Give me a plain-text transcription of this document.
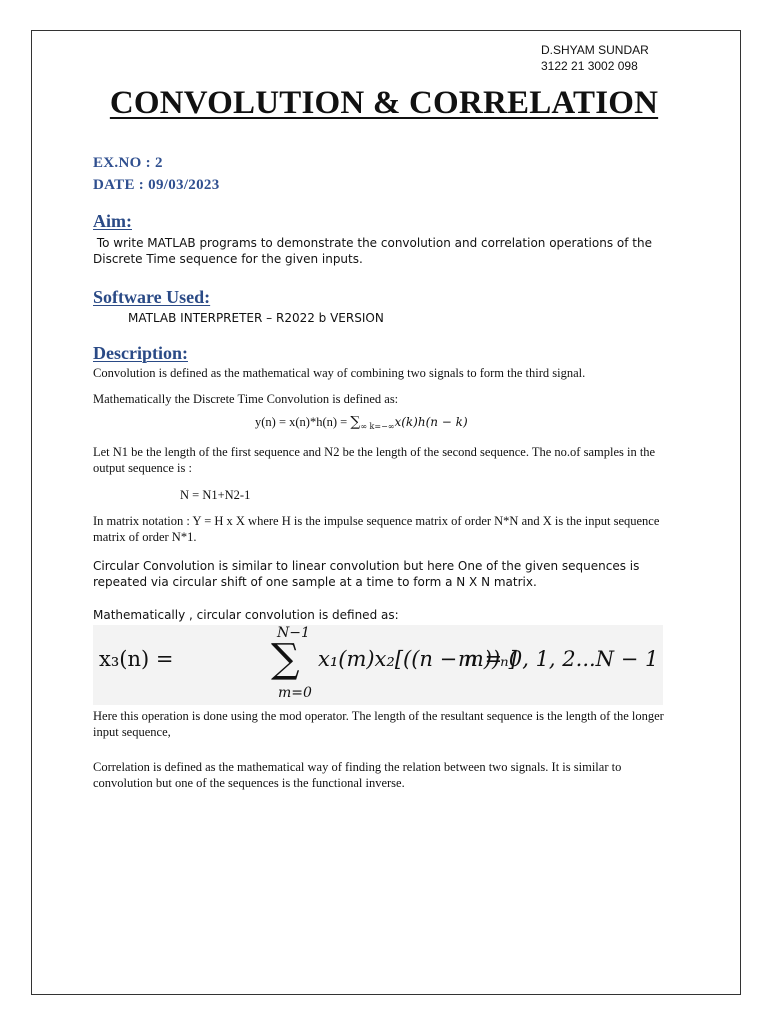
D.SHYAM SUNDAR
3122 21 3002 098
CONVOLUTION & CORRELATION
EX.NO : 2
DATE : 09/03/2023
Aim:
To write MATLAB programs to demonstrate the convolution and correlation operations of the Discrete Time sequence for the given inputs.
Software Used:
MATLAB INTERPRETER – R2022 b VERSION
Description:
Convolution is defined as the mathematical way of combining two signals to form the third signal.
Mathematically the Discrete Time Convolution is defined as:
$y(n) = x(n)*h(n) = \sum_{\infty k=-\infty}x(k)h(n - k)$
Let N1 be the length of the first sequence and N2 be the length of the second sequence. The no.of samples in the output sequence is :
N = N1+N2-1
In matrix notation : Y = H x X where H is the impulse sequence matrix of order N*N and X is the input sequence matrix of order N*1.
Circular Convolution is similar to linear convolution but here One of the given sequences is repeated via circular shift of one sample at a time to form a N X N matrix.
Mathematically , circular convolution is defined as:
x₃(n) =
N−1
∑
m=0
x₁(m)x₂[((n − m))ₙ]
m = 0, 1, 2...N − 1
Here this operation is done using the mod operator. The length of the resultant sequence is the length of the longer input sequence,
Correlation is defined as the mathematical way of finding the relation between two signals. It is similar to convolution but one of the sequences is the functional inverse.
